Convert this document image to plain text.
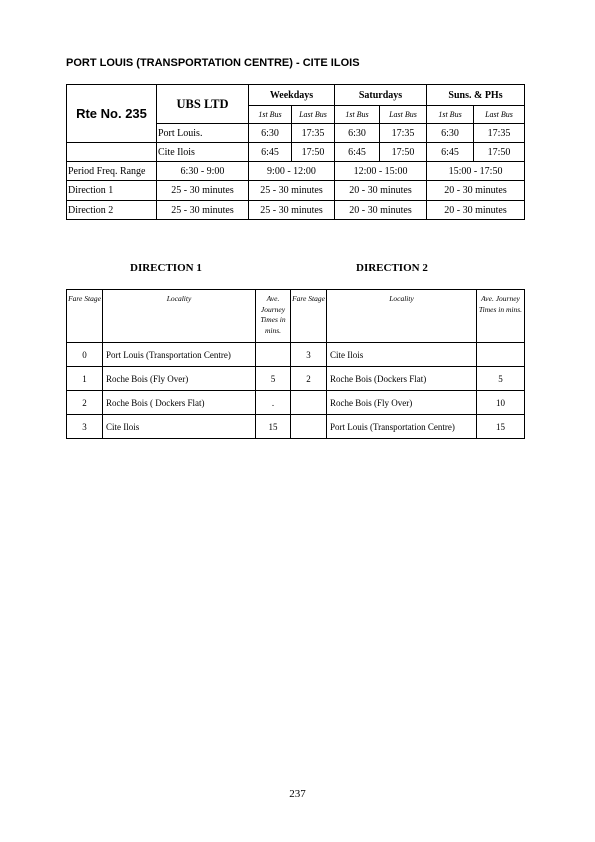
PORT LOUIS (TRANSPORTATION CENTRE) - CITE ILOIS
Rte No. 235	UBS LTD	Weekdays		Saturdays		Suns. & PHs	
		1st Bus	Last Bus	1st Bus	Last Bus	1st Bus	Last Bus
	Port Louis.	6:30	17:35	6:30	17:35	6:30	17:35
	Cite Ilois	6:45	17:50	6:45	17:50	6:45	17:50
Period Freq. Range	6:30 - 9:00	9:00 - 12:00		12:00 - 15:00		15:00 - 17:50	
Direction 1	25 - 30 minutes	25 - 30 minutes		20 - 30 minutes		20 - 30 minutes	
Direction 2	25 - 30 minutes	25 - 30 minutes		20 - 30 minutes		20 - 30 minutes	
DIRECTION 1	DIRECTION 2
Fare Stage	Locality	Ave. Journey Times in mins.	Fare Stage	Locality	Ave. Journey Times in mins.
0	Port Louis (Transportation Centre)		3	Cite Ilois	
1	Roche Bois (Fly Over)	5	2	Roche Bois (Dockers Flat)	5
2	Roche Bois ( Dockers Flat)	.		Roche Bois (Fly Over)	10
3	Cite Ilois	15		Port Louis (Transportation Centre)	15
237
